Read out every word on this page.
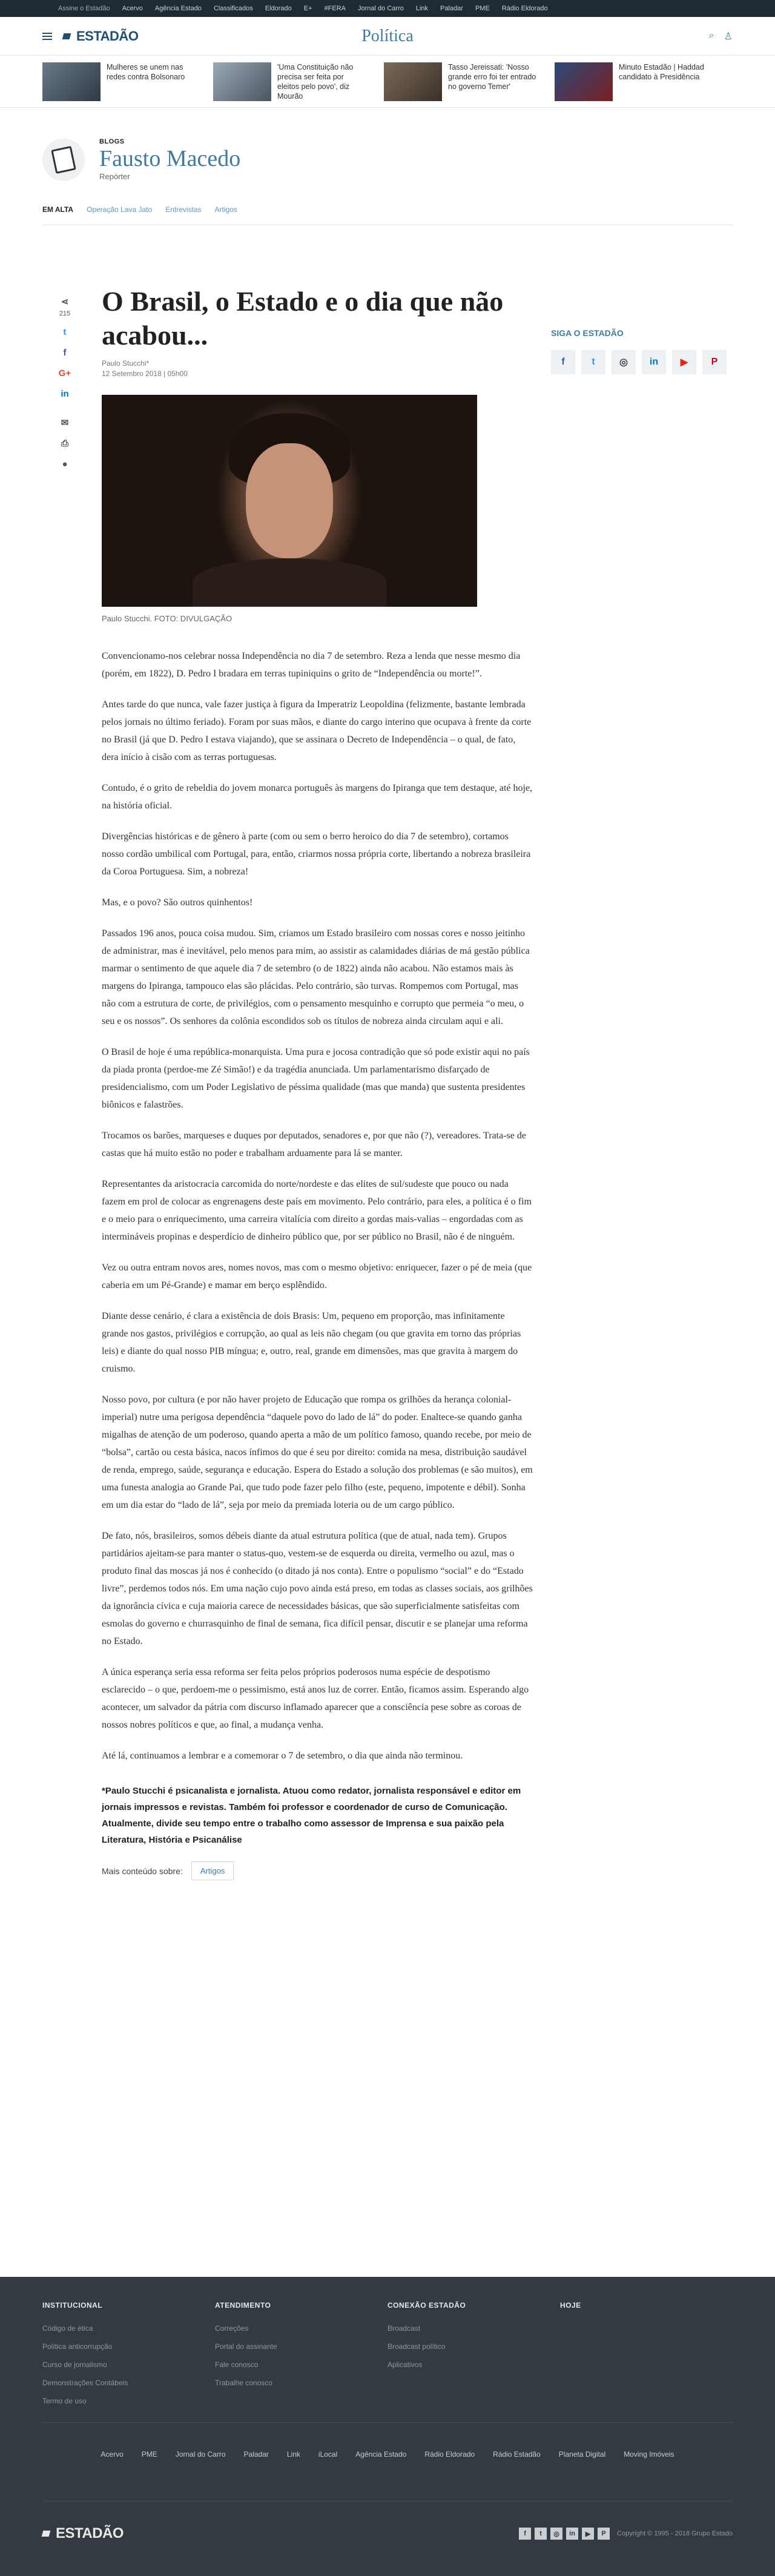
Assine o Estadão Acervo Agência Estado Classificados Eldorado E+ #FERA Jornal do Carro Link Paladar PME Rádio Eldorado
ESTADÃO	Política	⌕ ♙
Mulheres se unem nas redes contra Bolsonaro
'Uma Constituição não precisa ser feita por eleitos pelo povo', diz Mourão
Tasso Jereissati: 'Nosso grande erro foi ter entrado no governo Temer'
Minuto Estadão | Haddad candidato à Presidência
BLOGS
Fausto Macedo
Repórter
EM ALTA Operação Lava Jato Entrevistas Artigos
⋖
215
t
f
G+
in
✉
⎙
●
O Brasil, o Estado e o dia que não acabou...
Paulo Stucchi*
12 Setembro 2018 | 05h00
Paulo Stucchi. FOTO: DIVULGAÇÃO

Convencionamo-nos celebrar nossa Independência no dia 7 de setembro. Reza a lenda que nesse mesmo dia (porém, em 1822), D. Pedro I bradara em terras tupiniquins o grito de “Independência ou morte!”.

Antes tarde do que nunca, vale fazer justiça à figura da Imperatriz Leopoldina (felizmente, bastante lembrada pelos jornais no último feriado). Foram por suas mãos, e diante do cargo interino que ocupava à frente da corte no Brasil (já que D. Pedro I estava viajando), que se assinara o Decreto de Independência – o qual, de fato, dera início à cisão com as terras portuguesas.

Contudo, é o grito de rebeldia do jovem monarca português às margens do Ipiranga que tem destaque, até hoje, na história oficial.

Divergências históricas e de gênero à parte (com ou sem o berro heroico do dia 7 de setembro), cortamos nosso cordão umbilical com Portugal, para, então, criarmos nossa própria corte, libertando a nobreza brasileira da Coroa Portuguesa. Sim, a nobreza!

Mas, e o povo? São outros quinhentos!

Passados 196 anos, pouca coisa mudou. Sim, criamos um Estado brasileiro com nossas cores e nosso jeitinho de administrar, mas é inevitável, pelo menos para mim, ao assistir as calamidades diárias de má gestão pública marmar o sentimento de que aquele dia 7 de setembro (o de 1822) ainda não acabou. Não estamos mais às margens do Ipiranga, tampouco elas são plácidas. Pelo contrário, são turvas. Rompemos com Portugal, mas não com a estrutura de corte, de privilégios, com o pensamento mesquinho e corrupto que permeia “o meu, o seu e os nossos”. Os senhores da colônia escondidos sob os títulos de nobreza ainda circulam aqui e ali.

O Brasil de hoje é uma república-monarquista. Uma pura e jocosa contradição que só pode existir aqui no país da piada pronta (perdoe-me Zé Simão!) e da tragédia anunciada. Um parlamentarismo disfarçado de presidencialismo, com um Poder Legislativo de péssima qualidade (mas que manda) que sustenta presidentes biônicos e falastrões.

Trocamos os barões, marqueses e duques por deputados, senadores e, por que não (?), vereadores. Trata-se de castas que há muito estão no poder e trabalham arduamente para lá se manter.

Representantes da aristocracia carcomida do norte/nordeste e das elites de sul/sudeste que pouco ou nada fazem em prol de colocar as engrenagens deste país em movimento. Pelo contrário, para eles, a política é o fim e o meio para o enriquecimento, uma carreira vitalícia com direito a gordas mais-valias – engordadas com as intermináveis propinas e desperdício de dinheiro público que, por ser público no Brasil, não é de ninguém.

Vez ou outra entram novos ares, nomes novos, mas com o mesmo objetivo: enriquecer, fazer o pé de meia (que caberia em um Pé-Grande) e mamar em berço esplêndido.

Diante desse cenário, é clara a existência de dois Brasis: Um, pequeno em proporção, mas infinitamente grande nos gastos, privilégios e corrupção, ao qual as leis não chegam (ou que gravita em torno das próprias leis) e diante do qual nosso PIB míngua; e, outro, real, grande em dimensões, mas que gravita à margem do cruismo.

Nosso povo, por cultura (e por não haver projeto de Educação que rompa os grilhões da herança colonial-imperial) nutre uma perigosa dependência “daquele povo do lado de lá” do poder. Enaltece-se quando ganha migalhas de atenção de um poderoso, quando aperta a mão de um político famoso, quando recebe, por meio de “bolsa”, cartão ou cesta básica, nacos ínfimos do que é seu por direito: comida na mesa, distribuição saudável de renda, emprego, saúde, segurança e educação. Espera do Estado a solução dos problemas (e são muitos), em uma funesta analogia ao Grande Pai, que tudo pode fazer pelo filho (este, pequeno, impotente e débil). Sonha em um dia estar do “lado de lá”, seja por meio da premiada loteria ou de um cargo público.

De fato, nós, brasileiros, somos débeis diante da atual estrutura política (que de atual, nada tem). Grupos partidários ajeitam-se para manter o status-quo, vestem-se de esquerda ou direita, vermelho ou azul, mas o produto final das moscas já nos é conhecido (o ditado já nos conta). Entre o populismo “social” e do “Estado livre”, perdemos todos nós. Em uma nação cujo povo ainda está preso, em todas as classes sociais, aos grilhões da ignorância cívica e cuja maioria carece de necessidades básicas, que são superficialmente satisfeitas com esmolas do governo e churrasquinho de final de semana, fica difícil pensar, discutir e se planejar uma reforma no Estado.

A única esperança seria essa reforma ser feita pelos próprios poderosos numa espécie de despotismo esclarecido – o que, perdoem-me o pessimismo, está anos luz de correr. Então, ficamos assim. Esperando algo acontecer, um salvador da pátria com discurso inflamado aparecer que a consciência pese sobre as coroas de nossos nobres políticos e que, ao final, a mudança venha.

Até lá, continuamos a lembrar e a comemorar o 7 de setembro, o dia que ainda não terminou.

*Paulo Stucchi é psicanalista e jornalista. Atuou como redator, jornalista responsável e editor em jornais impressos e revistas. Também foi professor e coordenador de curso de Comunicação. Atualmente, divide seu tempo entre o trabalho como assessor de Imprensa e sua paixão pela Literatura, História e Psicanálise

Mais conteúdo sobre:	Artigos
SIGA O ESTADÃO
f	t	◎	in	▶	P
INSTITUCIONAL
Código de ética
Política anticorrupção
Curso de jornalismo
Demonstrações Contábeis
Termo de uso
ATENDIMENTO
Correções
Portal do assinante
Fale conosco
Trabalhe conosco
CONEXÃO ESTADÃO
Broadcast
Broadcast político
Aplicativos
HOJE
Acervo	PME	Jornal do Carro	Paladar	Link	iLocal	Agência Estado	Rádio Eldorado	Rádio Estadão	Planeta Digital	Moving Imóveis
ESTADÃO	f	t	◎	in	▶	P	Copyright © 1995 - 2018 Grupo Estado
